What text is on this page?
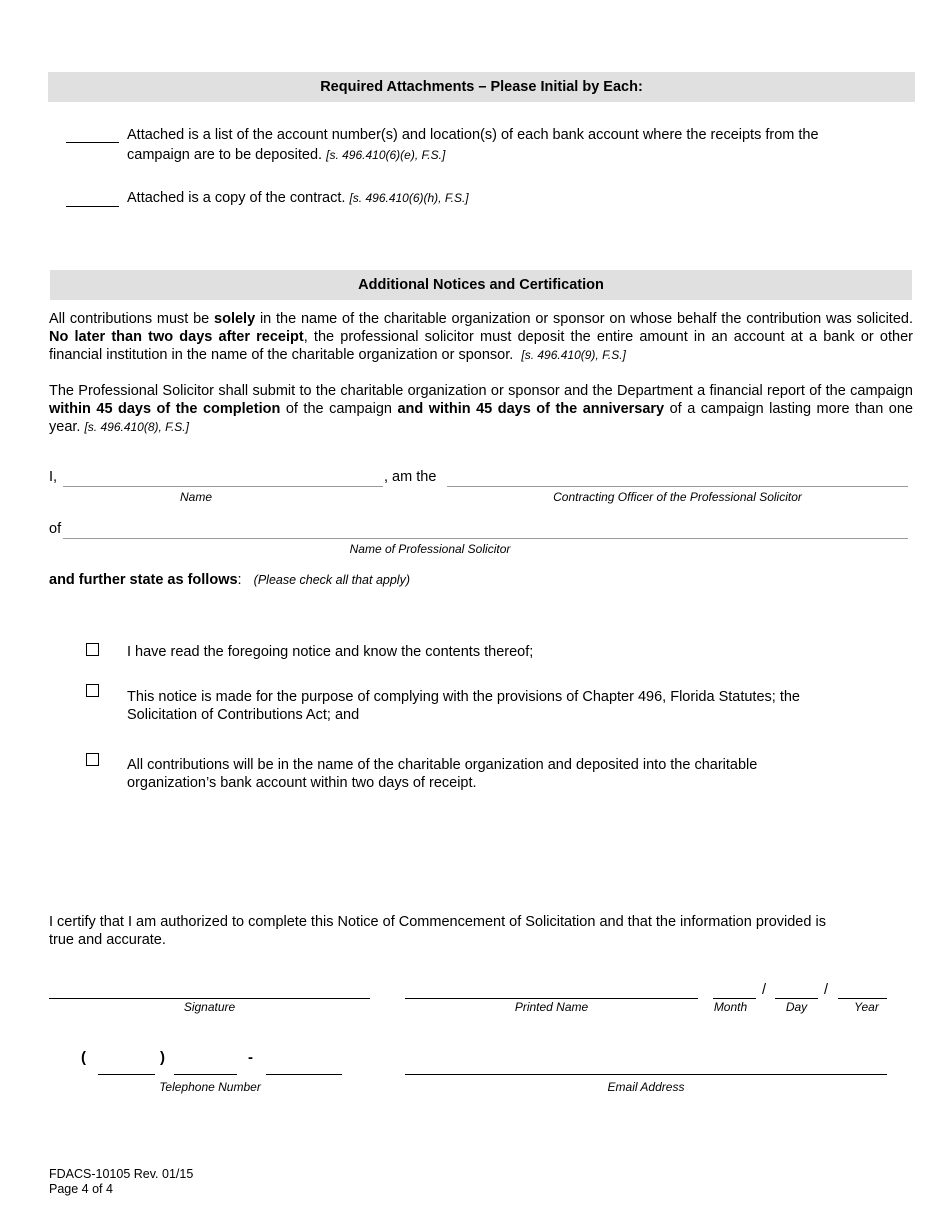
Required Attachments – Please Initial by Each:
Attached is a list of the account number(s) and location(s) of each bank account where the receipts from the
campaign are to be deposited. [s. 496.410(6)(e), F.S.]
Attached is a copy of the contract. [s. 496.410(6)(h), F.S.]
Additional Notices and Certification
All contributions must be solely in the name of the charitable organization or sponsor on whose behalf the contribution was solicited. No later than two days after receipt, the professional solicitor must deposit the entire amount in an account at a bank or other financial institution in the name of the charitable organization or sponsor. [s. 496.410(9), F.S.]
The Professional Solicitor shall submit to the charitable organization or sponsor and the Department a financial report of the campaign within 45 days of the completion of the campaign and within 45 days of the anniversary of a campaign lasting more than one year. [s. 496.410(8), F.S.]
I,	, am the
Name	Contracting Officer of the Professional Solicitor
of
Name of Professional Solicitor
and further state as follows: (Please check all that apply)
I have read the foregoing notice and know the contents thereof;
This notice is made for the purpose of complying with the provisions of Chapter 496, Florida Statutes; the
Solicitation of Contributions Act; and
All contributions will be in the name of the charitable organization and deposited into the charitable
organization’s bank account within two days of receipt.
I certify that I am authorized to complete this Notice of Commencement of Solicitation and that the information provided is
true and accurate.
Signature	Printed Name
/	/
Month	Day	Year
(	)	-
Telephone Number	Email Address
FDACS-10105 Rev. 01/15
Page 4 of 4
